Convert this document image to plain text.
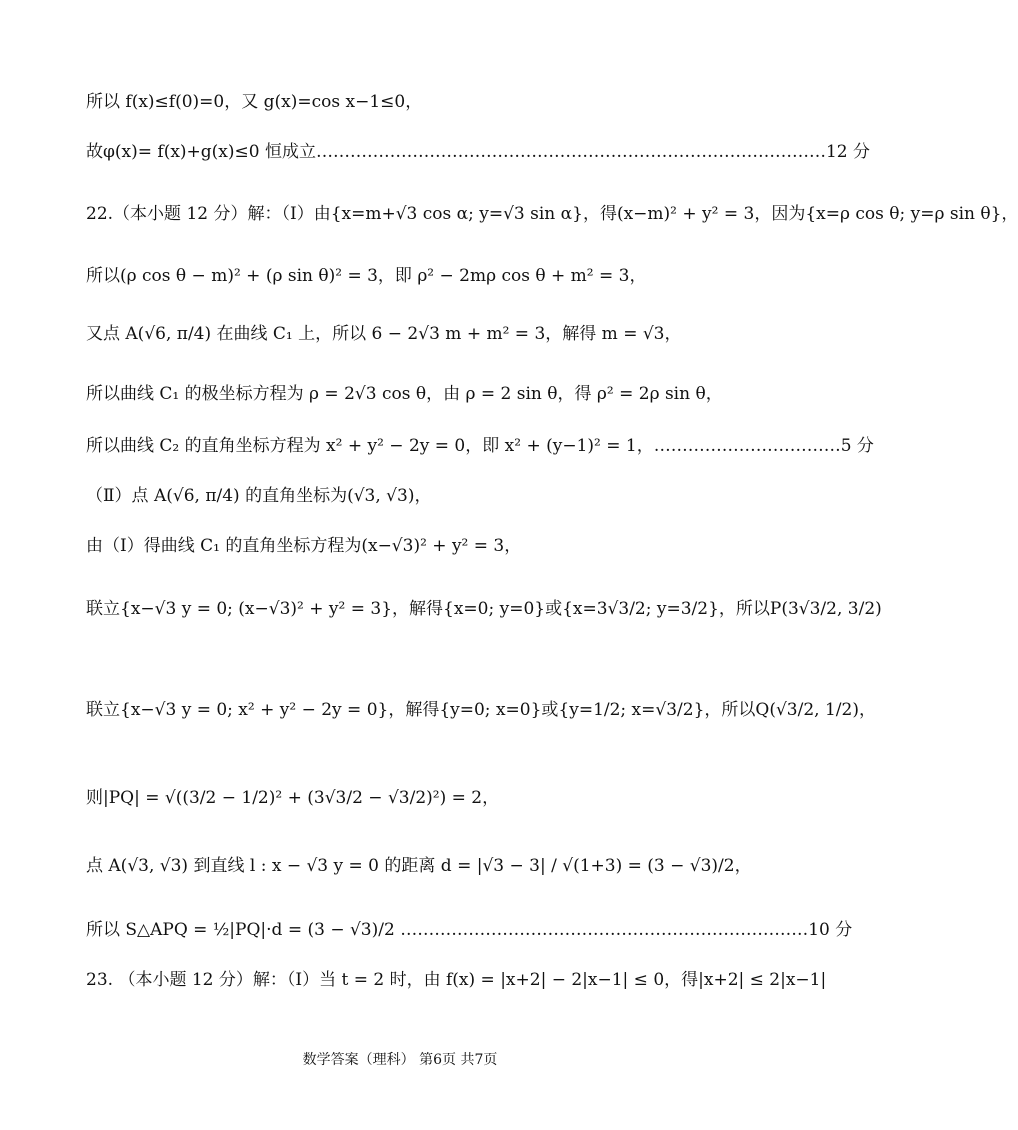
所以 f(x)≤f(0)=0，又 g(x)=cos x−1≤0，
故φ(x)= f(x)+g(x)≤0 恒成立………………………………………………………………………………12 分
22.（本小题 12 分）解：（Ⅰ）由{x=m+√3 cos α; y=√3 sin α}，得(x−m)² + y² = 3，因为{x=ρ cos θ; y=ρ sin θ}，
所以(ρ cos θ − m)² + (ρ sin θ)² = 3，即 ρ² − 2mρ cos θ + m² = 3，
又点 A(√6, π/4) 在曲线 C₁ 上，所以 6 − 2√3 m + m² = 3，解得 m = √3，
所以曲线 C₁ 的极坐标方程为 ρ = 2√3 cos θ，由 ρ = 2 sin θ，得 ρ² = 2ρ sin θ，
所以曲线 C₂ 的直角坐标方程为 x² + y² − 2y = 0，即 x² + (y−1)² = 1，……………………………5 分
（Ⅱ）点 A(√6, π/4) 的直角坐标为(√3, √3)，
由（Ⅰ）得曲线 C₁ 的直角坐标方程为(x−√3)² + y² = 3，
联立{x−√3 y = 0; (x−√3)² + y² = 3}，解得{x=0; y=0}或{x=3√3/2; y=3/2}，所以P(3√3/2, 3/2)
联立{x−√3 y = 0; x² + y² − 2y = 0}，解得{y=0; x=0}或{y=1/2; x=√3/2}，所以Q(√3/2, 1/2)，
则|PQ| = √((3/2 − 1/2)² + (3√3/2 − √3/2)²) = 2，
点 A(√3, √3) 到直线 l : x − √3 y = 0 的距离 d = |√3 − 3| / √(1+3) = (3 − √3)/2，
所以 S△APQ = ½|PQ|·d = (3 − √3)/2 ………………………………………………………………10 分
23. （本小题 12 分）解：（Ⅰ）当 t = 2 时，由 f(x) = |x+2| − 2|x−1| ≤ 0，得|x+2| ≤ 2|x−1|
数学答案（理科） 第6页 共7页
